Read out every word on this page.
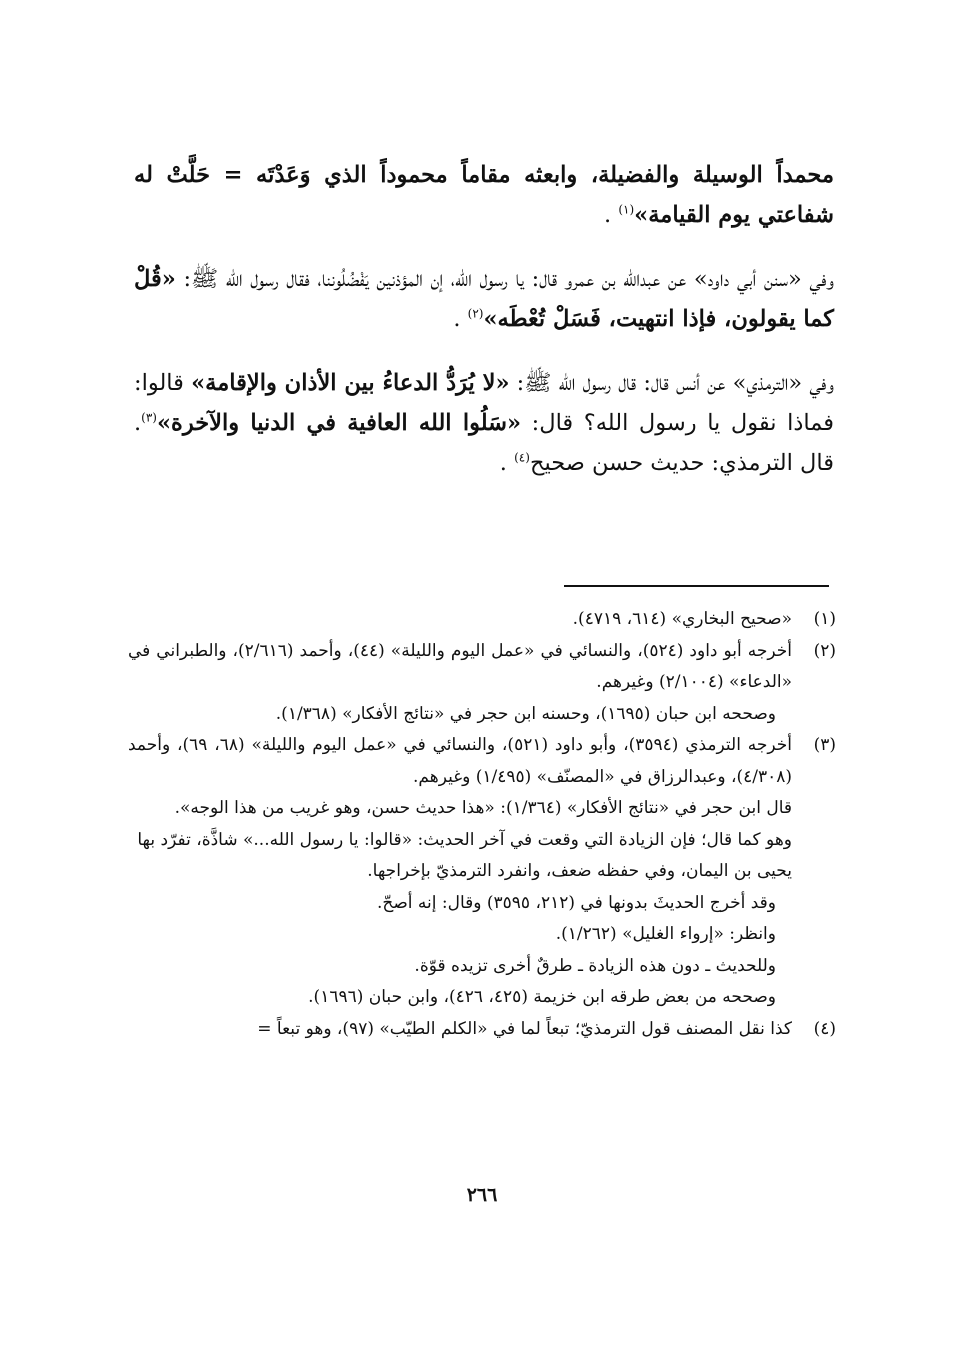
محمداً الوسيلة والفضيلة، وابعثه مقاماً محموداً الذي وَعَدْتَه = حَلَّتْ له شفاعتي يوم القيامة»$^{(١)}$ .

وفي «سنن أبي داود» عن عبدالله بن عمرو قال: يا رسول الله، إن المؤذنين يَفْضُلُوننا، فقال رسول الله ﷺ: «قُلْ كما يقولون، فإذا انتهيت، فَسَلْ تُعْطَه»$^{(٢)}$ .

وفي «الترمذي» عن أنس قال: قال رسول الله ﷺ: «لا يُرَدُّ الدعاءُ بين الأذان والإقامة» قالوا: فماذا نقول يا رسول الله؟ قال: «سَلُوا الله العافية في الدنيا والآخرة»$^{(٣)}$. قال الترمذي: حديث حسن صحيح$^{(٤)}$ .

(١)
«صحيح البخاري» (٦١٤، ٤٧١٩).
(٢)
أخرجه أبو داود (٥٢٤)، والنسائي في «عمل اليوم والليلة» (٤٤)، وأحمد (٢/٦١٦)، والطبراني في «الدعاء» (٢/١٠٠٤) وغيرهم.
وصححه ابن حبان (١٦٩٥)، وحسنه ابن حجر في «نتائج الأفكار» (١/٣٦٨).
(٣)
أخرجه الترمذي (٣٥٩٤)، وأبو داود (٥٢١)، والنسائي في «عمل اليوم والليلة» (٦٨، ٦٩)، وأحمد (٤/٣٠٨)، وعبدالرزاق في «المصنّف» (١/٤٩٥) وغيرهم.
قال ابن حجر في «نتائج الأفكار» (١/٣٦٤): «هذا حديث حسن، وهو غريب من هذا الوجه».
وهو كما قال؛ فإن الزيادة التي وقعت في آخر الحديث: «قالوا: يا رسول الله...» شاذَّة، تفرّد بها يحيى بن اليمان، وفي حفظه ضعف، وانفرد الترمذيّ بإخراجها.
وقد أخرج الحديثَ بدونها في (٢١٢، ٣٥٩٥) وقال: إنه أصحّ.
وانظر: «إرواء الغليل» (١/٢٦٢).
وللحديث ـ دون هذه الزيادة ـ طرقٌ أخرى تزيده قوّة.
وصححه من بعض طرقه ابن خزيمة (٤٢٥، ٤٢٦)، وابن حبان (١٦٩٦).
(٤)
كذا نقل المصنف قول الترمذيّ؛ تبعاً لما في «الكلم الطيّب» (٩٧)، وهو تبعاً =
٢٦٦
